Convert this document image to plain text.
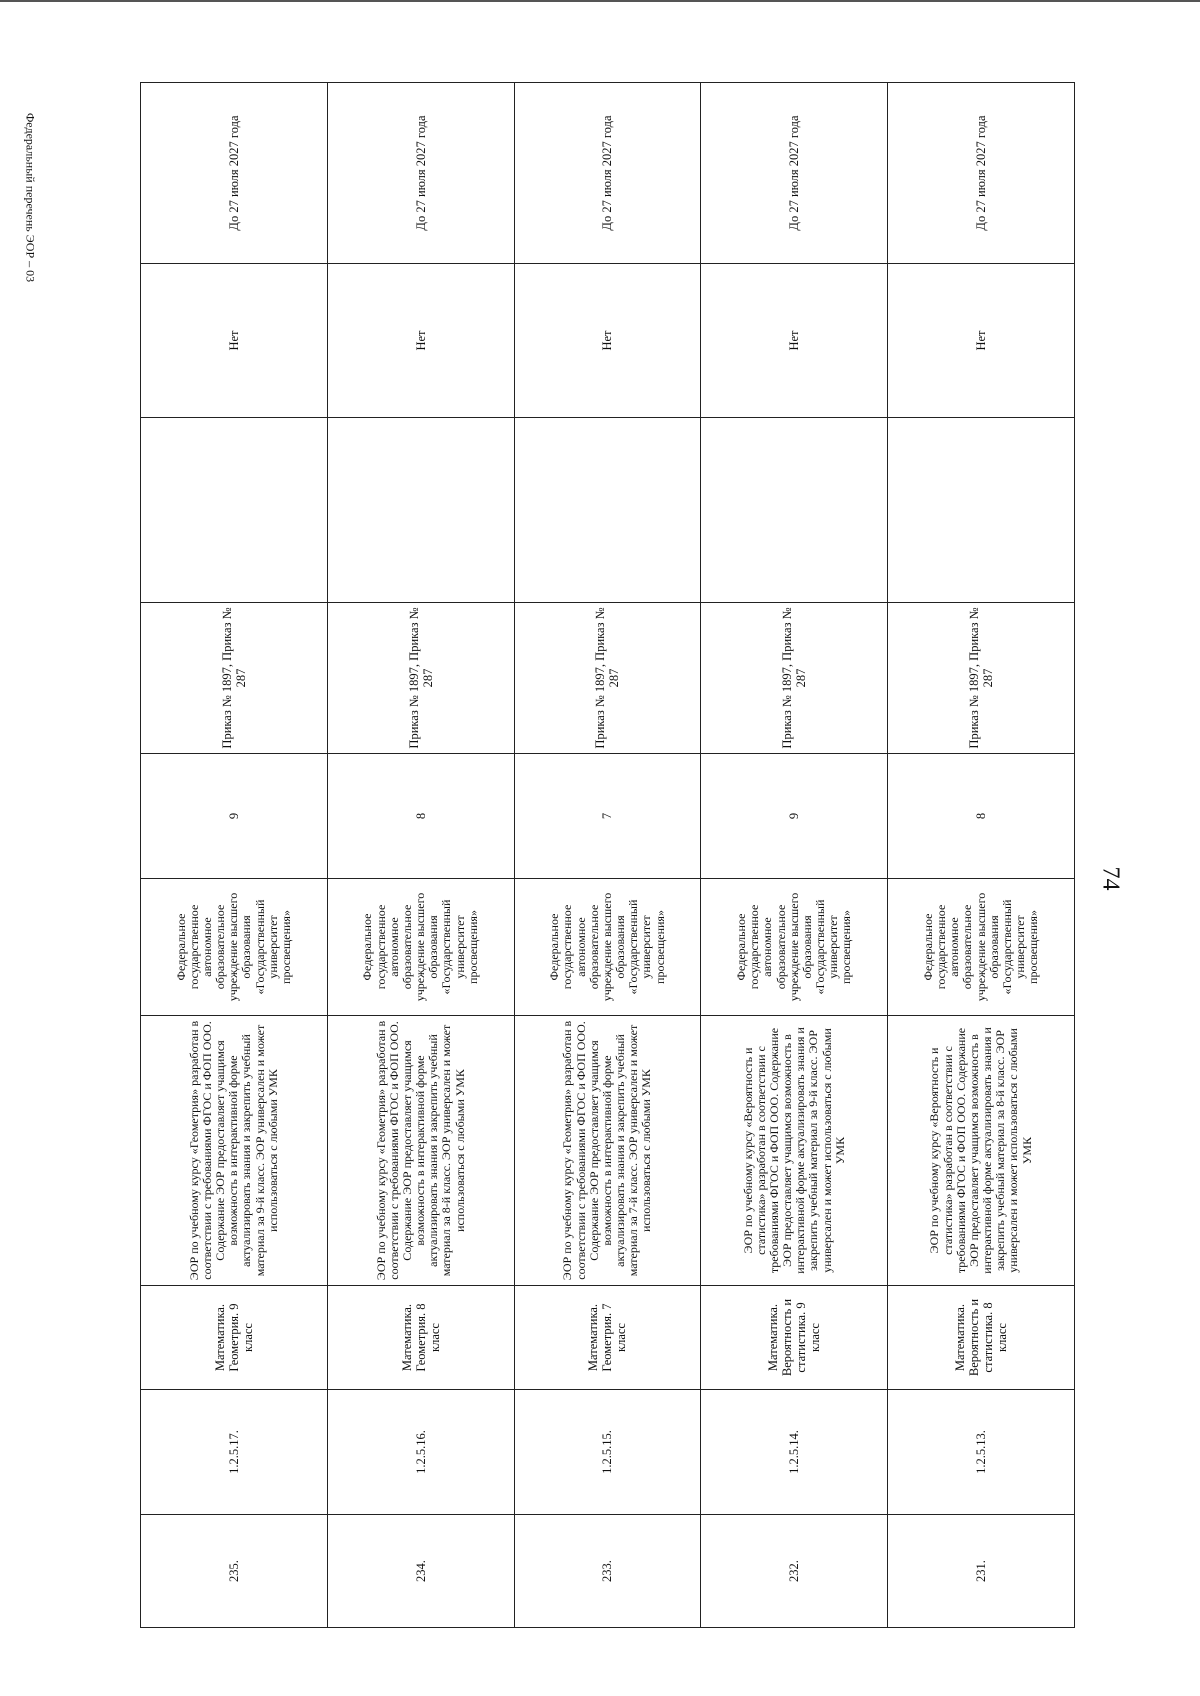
74
Федеральный перечень ЭОР – 03
235.	1.2.5.17.	Математика. Геометрия. 9 класс	ЭОР по учебному курсу «Геометрия» разработан в соответствии с требованиями ФГОС и ФОП ООО. Содержание ЭОР предоставляет учащимся возможность в интерактивной форме актуализировать знания и закрепить учебный материал за 9-й класс. ЭОР универсален и может использоваться с любыми УМК	Федеральное государственное автономное образовательное учреждение высшего образования «Государственный университет просвещения»	9	Приказ № 1897, Приказ № 287		Нет	До 27 июля 2027 года
234.	1.2.5.16.	Математика. Геометрия. 8 класс	ЭОР по учебному курсу «Геометрия» разработан в соответствии с требованиями ФГОС и ФОП ООО. Содержание ЭОР предоставляет учащимся возможность в интерактивной форме актуализировать знания и закрепить учебный материал за 8-й класс. ЭОР универсален и может использоваться с любыми УМК	Федеральное государственное автономное образовательное учреждение высшего образования «Государственный университет просвещения»	8	Приказ № 1897, Приказ № 287		Нет	До 27 июля 2027 года
233.	1.2.5.15.	Математика. Геометрия. 7 класс	ЭОР по учебному курсу «Геометрия» разработан в соответствии с требованиями ФГОС и ФОП ООО. Содержание ЭОР предоставляет учащимся возможность в интерактивной форме актуализировать знания и закрепить учебный материал за 7-й класс. ЭОР универсален и может использоваться с любыми УМК	Федеральное государственное автономное образовательное учреждение высшего образования «Государственный университет просвещения»	7	Приказ № 1897, Приказ № 287		Нет	До 27 июля 2027 года
232.	1.2.5.14.	Математика. Вероятность и статистика. 9 класс	ЭОР по учебному курсу «Вероятность и статистика» разработан в соответствии с требованиями ФГОС и ФОП ООО. Содержание ЭОР предоставляет учащимся возможность в интерактивной форме актуализировать знания и закрепить учебный материал за 9-й класс. ЭОР универсален и может использоваться с любыми УМК	Федеральное государственное автономное образовательное учреждение высшего образования «Государственный университет просвещения»	9	Приказ № 1897, Приказ № 287		Нет	До 27 июля 2027 года
231.	1.2.5.13.	Математика. Вероятность и статистика. 8 класс	ЭОР по учебному курсу «Вероятность и статистика» разработан в соответствии с требованиями ФГОС и ФОП ООО. Содержание ЭОР предоставляет учащимся возможность в интерактивной форме актуализировать знания и закрепить учебный материал за 8-й класс. ЭОР универсален и может использоваться с любыми УМК	Федеральное государственное автономное образовательное учреждение высшего образования «Государственный университет просвещения»	8	Приказ № 1897, Приказ № 287		Нет	До 27 июля 2027 года
